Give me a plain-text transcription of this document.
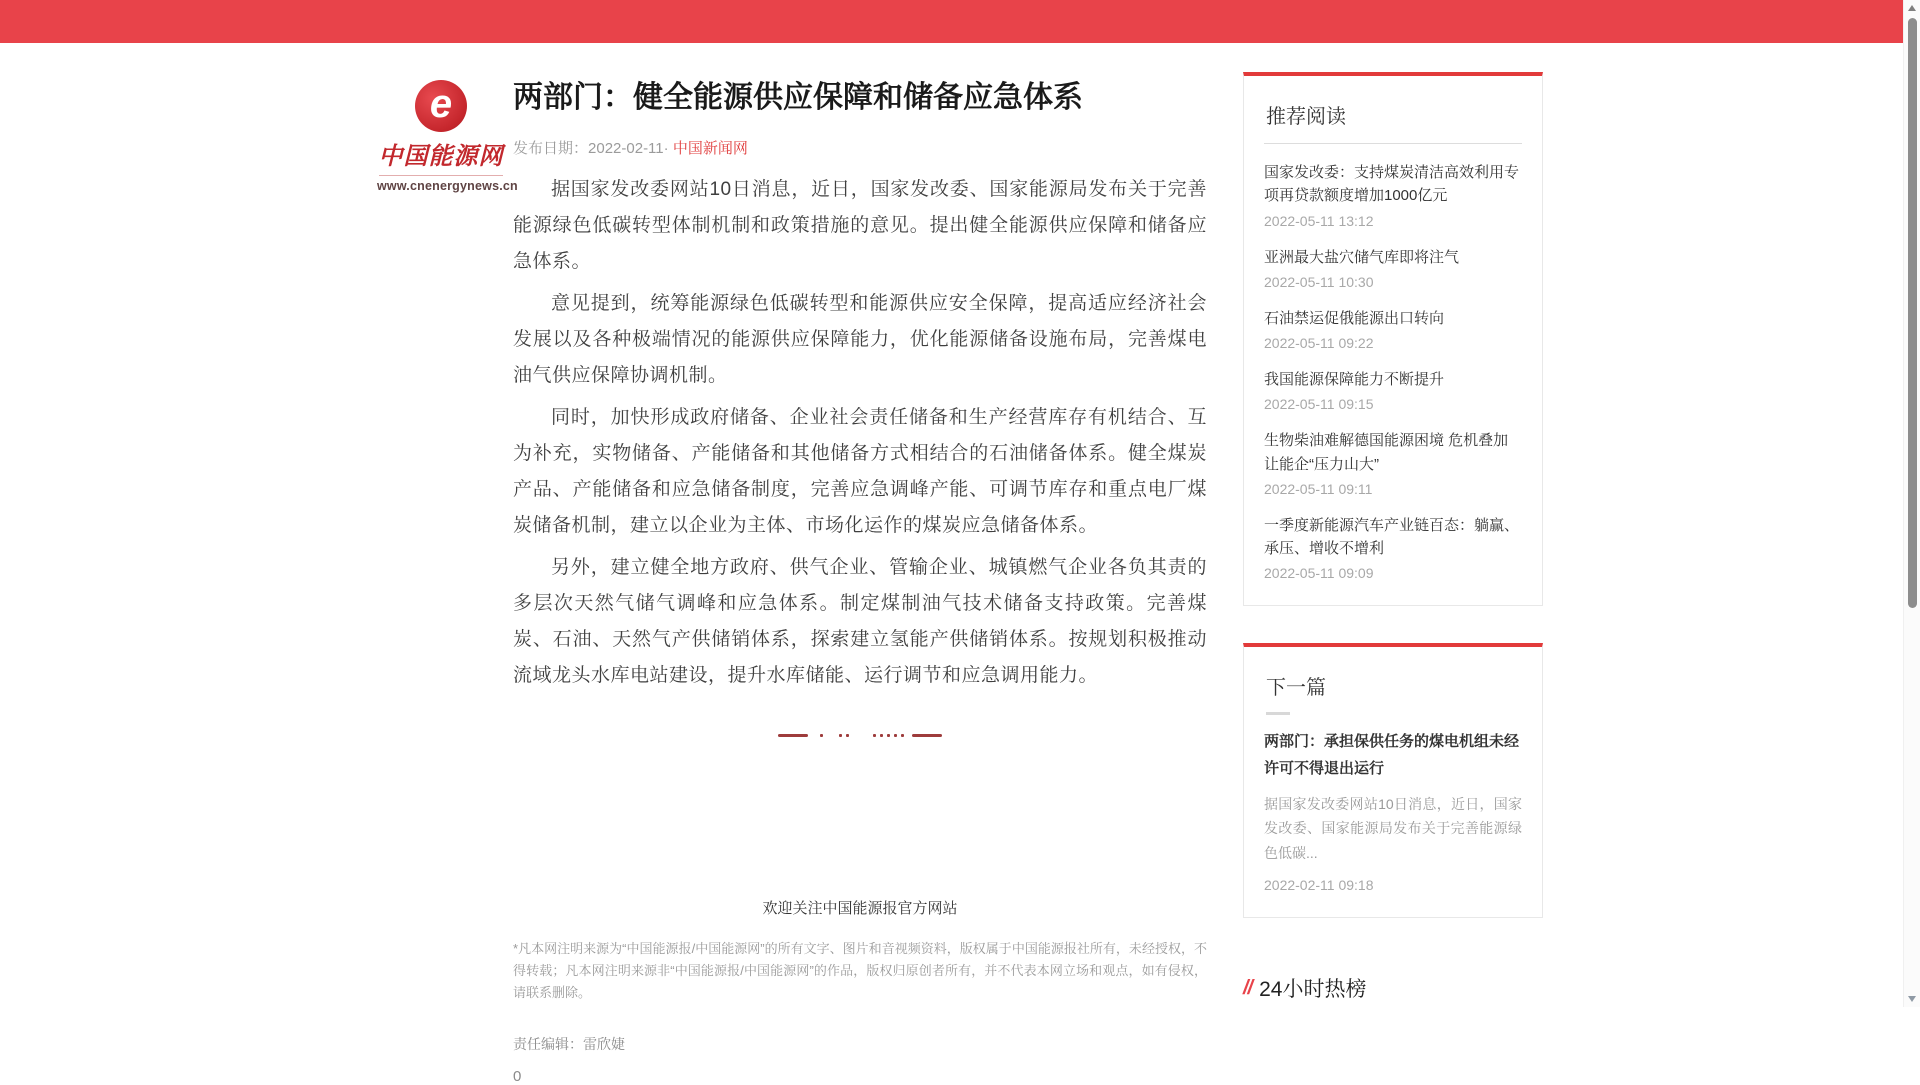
e
中国能源网
www.cnenergynews.cn
两部门：健全能源供应保障和储备应急体系
发布日期：2022-02-11· 中国新闻网

据国家发改委网站10日消息，近日，国家发改委、国家能源局发布关于完善能源绿色低碳转型体制机制和政策措施的意见。提出健全能源供应保障和储备应急体系。

意见提到，统筹能源绿色低碳转型和能源供应安全保障，提高适应经济社会发展以及各种极端情况的能源供应保障能力，优化能源储备设施布局，完善煤电油气供应保障协调机制。

同时，加快形成政府储备、企业社会责任储备和生产经营库存有机结合、互为补充，实物储备、产能储备和其他储备方式相结合的石油储备体系。健全煤炭产品、产能储备和应急储备制度，完善应急调峰产能、可调节库存和重点电厂煤炭储备机制，建立以企业为主体、市场化运作的煤炭应急储备体系。

另外，建立健全地方政府、供气企业、管输企业、城镇燃气企业各负其责的多层次天然气储气调峰和应急体系。制定煤制油气技术储备支持政策。完善煤炭、石油、天然气产供储销体系，探索建立氢能产供储销体系。按规划积极推动流域龙头水库电站建设，提升水库储能、运行调节和应急调用能力。

欢迎关注中国能源报官方网站
*凡本网注明来源为“中国能源报/中国能源网”的所有文字、图片和音视频资料，版权属于中国能源报社所有，未经授权，不得转载；凡本网注明来源非“中国能源报/中国能源网”的作品，版权归原创者所有，并不代表本网立场和观点，如有侵权，请联系删除。
责任编辑：雷欣婕
0
推荐阅读
国家发改委：支持煤炭清洁高效利用专项再贷款额度增加1000亿元
2022-05-11 13:12
亚洲最大盐穴储气库即将注气
2022-05-11 10:30
石油禁运促俄能源出口转向
2022-05-11 09:22
我国能源保障能力不断提升
2022-05-11 09:15
生物柴油难解德国能源困境 危机叠加让能企“压力山大”
2022-05-11 09:11
一季度新能源汽车产业链百态：躺赢、承压、增收不增利
2022-05-11 09:09
下一篇
两部门：承担保供任务的煤电机组未经许可不得退出运行
据国家发改委网站10日消息，近日，国家发改委、国家能源局发布关于完善能源绿色低碳...
2022-02-11 09:18
// 24小时热榜
